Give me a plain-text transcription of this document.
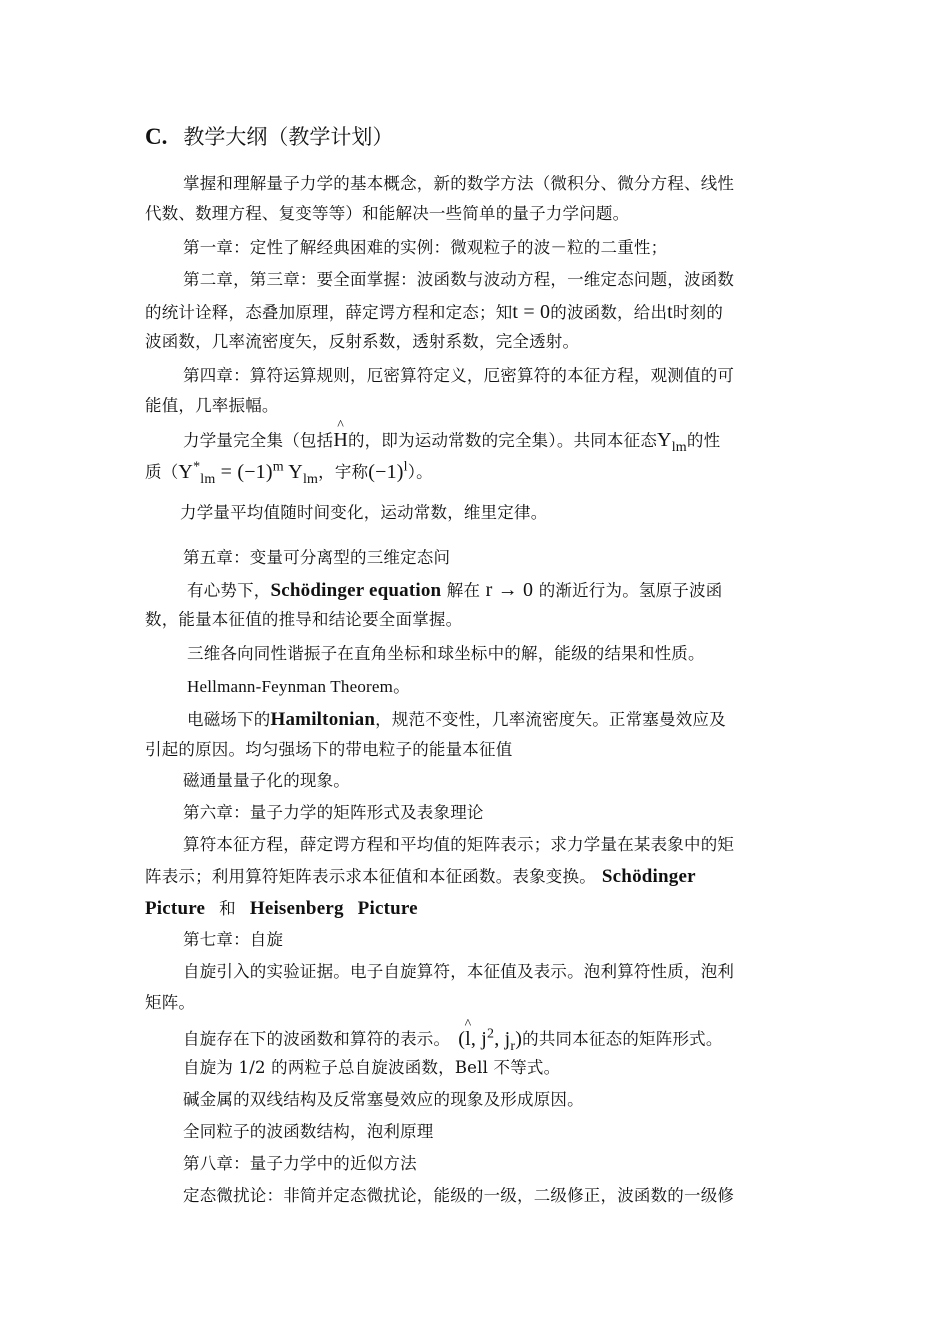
C. 教学大纲（教学计划）
掌握和理解量子力学的基本概念，新的数学方法（微积分、微分方程、线性
代数、数理方程、复变等等）和能解决一些简单的量子力学问题。
第一章：定性了解经典困难的实例：微观粒子的波－粒的二重性；
第二章，第三章：要全面掌握：波函数与波动方程，一维定态问题，波函数
的统计诠释，态叠加原理，薛定谔方程和定态；知t = 0的波函数，给出t时刻的
波函数，几率流密度矢，反射系数，透射系数，完全透射。
第四章：算符运算规则，厄密算符定义，厄密算符的本征方程，观测值的可
能值，几率振幅。
力学量完全集（包括^ H的，即为运动常数的完全集）。共同本征态$Y_{lm}$的性
质（$Y^*_{lm} = (-1)^m$ $Y_{lm}$，宇称$(-1)^l$）。
力学量平均值随时间变化，运动常数，维里定律。
第五章：变量可分离型的三维定态问
有心势下，Schödinger equation 解在 r → 0 的渐近行为。氢原子波函
数，能量本征值的推导和结论要全面掌握。
三维各向同性谐振子在直角坐标和球坐标中的解，能级的结果和性质。
Hellmann-Feynman Theorem。
电磁场下的Hamiltonian，规范不变性，几率流密度矢。正常塞曼效应及
引起的原因。均匀强场下的带电粒子的能量本征值
磁通量量子化的现象。
第六章：量子力学的矩阵形式及表象理论
算符本征方程，薛定谔方程和平均值的矩阵表示；求力学量在某表象中的矩
阵表示；利用算符矩阵表示求本征值和本征函数。表象变换。 Schödinger
Picture 和 Heisenberg Picture
第七章：自旋
自旋引入的实验证据。电子自旋算符，本征值及表示。泡利算符性质，泡利
矩阵。
自旋存在下的波函数和算符的表示。 (^ l, $j^2$, $j_r$)的共同本征态的矩阵形式。
自旋为 1/2 的两粒子总自旋波函数，Bell 不等式。
碱金属的双线结构及反常塞曼效应的现象及形成原因。
全同粒子的波函数结构，泡利原理
第八章：量子力学中的近似方法
定态微扰论：非简并定态微扰论，能级的一级，二级修正，波函数的一级修
